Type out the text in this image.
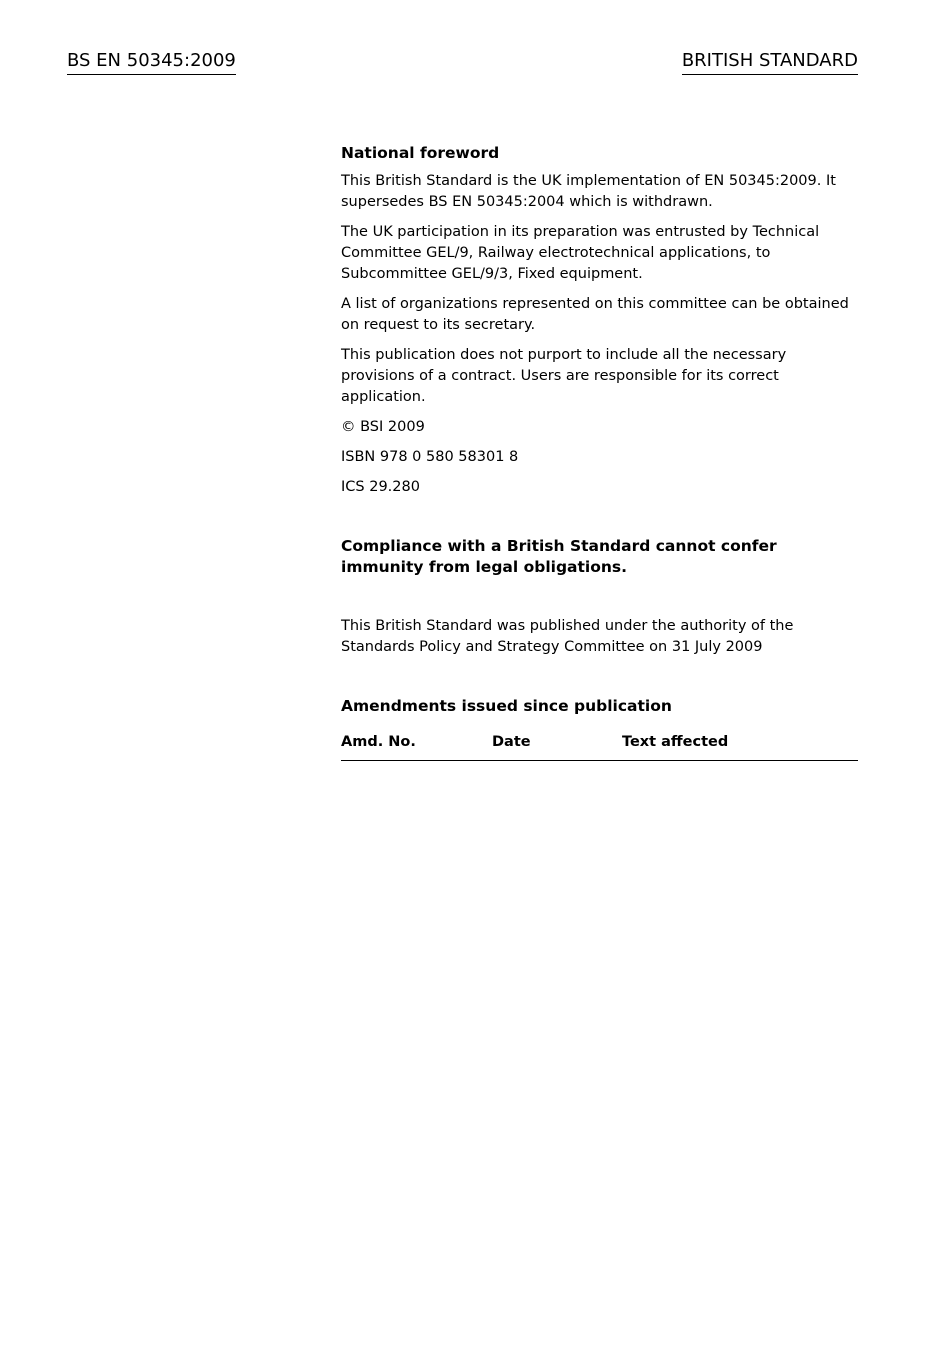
BS EN 50345:2009	BRITISH STANDARD
National foreword
This British Standard is the UK implementation of EN 50345:2009. It supersedes BS EN 50345:2004 which is withdrawn.
The UK participation in its preparation was entrusted by Technical Committee GEL/9, Railway electrotechnical applications, to Subcommittee GEL/9/3, Fixed equipment.
A list of organizations represented on this committee can be obtained on request to its secretary.
This publication does not purport to include all the necessary provisions of a contract. Users are responsible for its correct application.
© BSI 2009
ISBN 978 0 580 58301 8
ICS 29.280
Compliance with a British Standard cannot confer immunity from legal obligations.
This British Standard was published under the authority of the Standards Policy and Strategy Committee on 31 July 2009
Amendments issued since publication
Amd. No.	Date	Text affected
